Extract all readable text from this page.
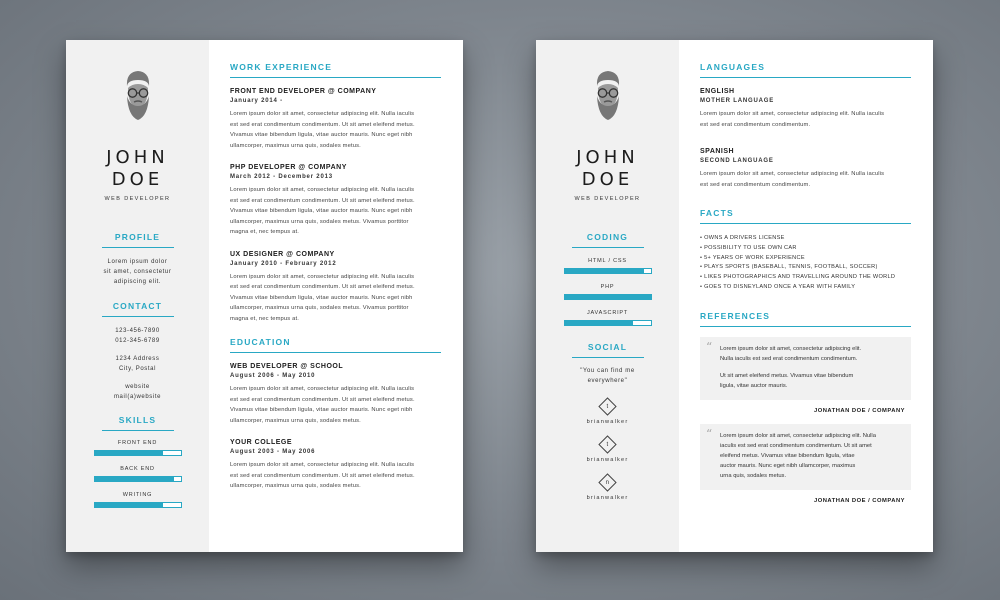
JOHN
DOE
WEB DEVELOPER
PROFILE
Lorem ipsum dolor
sit amet, consectetur
adipiscing elit.
CONTACT
123-456-7890
012-345-6789
1234 Address
City, Postal
website
mail(a)website
SKILLS
FRONT END
BACK END
WRITING
WORK EXPERIENCE
FRONT END DEVELOPER @ COMPANY
January 2014 -
Lorem ipsum dolor sit amet, consectetur adipiscing elit. Nulla iaculis
est sed erat condimentum condimentum. Ut sit amet eleifend metus.
Vivamus vitae bibendum ligula, vitae auctor mauris. Nunc eget nibh
ullamcorper, maximus urna quis, sodales metus.
PHP DEVELOPER @ COMPANY
March 2012 - December 2013
Lorem ipsum dolor sit amet, consectetur adipiscing elit. Nulla iaculis
est sed erat condimentum condimentum. Ut sit amet eleifend metus.
Vivamus vitae bibendum ligula, vitae auctor mauris. Nunc eget nibh
ullamcorper, maximus urna quis, sodales metus. Vivamus porttitor
magna et, nec tempus at.
UX DESIGNER @ COMPANY
January 2010 - February 2012
Lorem ipsum dolor sit amet, consectetur adipiscing elit. Nulla iaculis
est sed erat condimentum condimentum. Ut sit amet eleifend metus.
Vivamus vitae bibendum ligula, vitae auctor mauris. Nunc eget nibh
ullamcorper, maximus urna quis, sodales metus. Vivamus porttitor
magna et, nec tempus at.
EDUCATION
WEB DEVELOPER @ SCHOOL
August 2006 - May 2010
Lorem ipsum dolor sit amet, consectetur adipiscing elit. Nulla iaculis
est sed erat condimentum condimentum. Ut sit amet eleifend metus.
Vivamus vitae bibendum ligula, vitae auctor mauris. Nunc eget nibh
ullamcorper, maximus urna quis, sodales metus.
YOUR COLLEGE
August 2003 - May 2006
Lorem ipsum dolor sit amet, consectetur adipiscing elit. Nulla iaculis
est sed erat condimentum condimentum. Ut sit amet eleifend metus.
ullamcorper, maximus urna quis, sodales metus.
JOHN
DOE
WEB DEVELOPER
CODING
HTML / CSS
PHP
JAVASCRIPT
SOCIAL
"You can find me
everywhere"
t
brianwalker
t
brianwalker
n
brianwalker
LANGUAGES
ENGLISH
MOTHER LANGUAGE
Lorem ipsum dolor sit amet, consectetur adipiscing elit. Nulla iaculis
est sed erat condimentum condimentum.
SPANISH
SECOND LANGUAGE
Lorem ipsum dolor sit amet, consectetur adipiscing elit. Nulla iaculis
est sed erat condimentum condimentum.
FACTS
• OWNS A DRIVERS LICENSE
• POSSIBILITY TO USE OWN CAR
• 5+ YEARS OF WORK EXPERIENCE
• PLAYS SPORTS (BASEBALL, TENNIS, FOOTBALL, SOCCER)
• LIKES PHOTOGRAPHICS AND TRAVELLING AROUND THE WORLD
• GOES TO DISNEYLAND ONCE A YEAR WITH FAMILY
REFERENCES
“ Lorem ipsum dolor sit amet, consectetur adipiscing elit.
Nulla iaculis est sed erat condimentum condimentum.
Ut sit amet eleifend metus. Vivamus vitae bibendum
ligula, vitae auctor mauris.
JONATHAN DOE / COMPANY
“ Lorem ipsum dolor sit amet, consectetur adipiscing elit. Nulla
iaculis est sed erat condimentum condimentum. Ut sit amet
eleifend metus. Vivamus vitae bibendum ligula, vitae
auctor mauris. Nunc eget nibh ullamcorper, maximus
urna quis, sodales metus.
JONATHAN DOE / COMPANY
